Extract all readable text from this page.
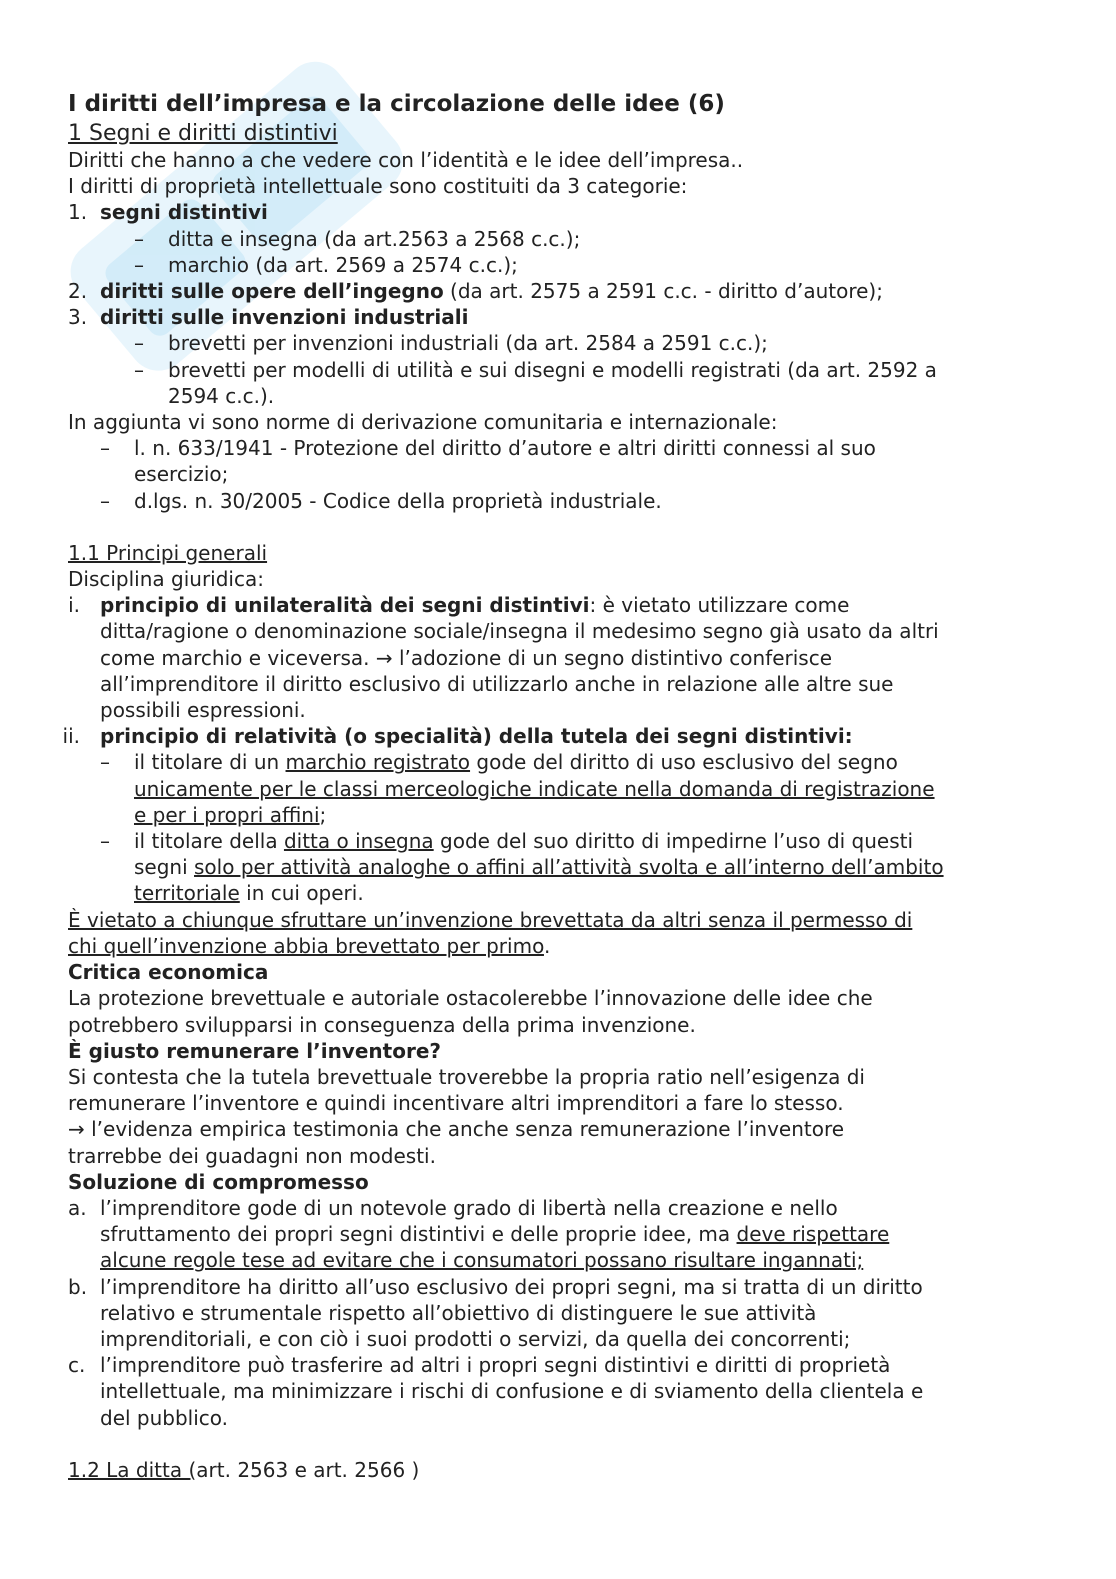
I diritti dell’impresa e la circolazione delle idee (6)
1 Segni e diritti distintivi
Diritti che hanno a che vedere con l’identità e le idee dell’impresa..
I diritti di proprietà intellettuale sono costituiti da 3 categorie:
1. segni distintivi
– ditta e insegna (da art.2563 a 2568 c.c.);
– marchio (da art. 2569 a 2574 c.c.);
2. diritti sulle opere dell’ingegno (da art. 2575 a 2591 c.c. - diritto d’autore);
3. diritti sulle invenzioni industriali
– brevetti per invenzioni industriali (da art. 2584 a 2591 c.c.);
– brevetti per modelli di utilità e sui disegni e modelli registrati (da art. 2592 a
2594 c.c.).
In aggiunta vi sono norme di derivazione comunitaria e internazionale:
– l. n. 633/1941 - Protezione del diritto d’autore e altri diritti connessi al suo
esercizio;
– d.lgs. n. 30/2005 - Codice della proprietà industriale.
1.1 Principi generali
Disciplina giuridica:
i. principio di unilateralità dei segni distintivi: è vietato utilizzare come
ditta/ragione o denominazione sociale/insegna il medesimo segno già usato da altri
come marchio e viceversa. → l’adozione di un segno distintivo conferisce
all’imprenditore il diritto esclusivo di utilizzarlo anche in relazione alle altre sue
possibili espressioni.
ii. principio di relatività (o specialità) della tutela dei segni distintivi:
– il titolare di un marchio registrato gode del diritto di uso esclusivo del segno
unicamente per le classi merceologiche indicate nella domanda di registrazione
e per i propri affini;
– il titolare della ditta o insegna gode del suo diritto di impedirne l’uso di questi
segni solo per attività analoghe o affini all’attività svolta e all’interno dell’ambito
territoriale in cui operi.
È vietato a chiunque sfruttare un’invenzione brevettata da altri senza il permesso di
chi quell’invenzione abbia brevettato per primo.
Critica economica
La protezione brevettuale e autoriale ostacolerebbe l’innovazione delle idee che
potrebbero svilupparsi in conseguenza della prima invenzione.
È giusto remunerare l’inventore?
Si contesta che la tutela brevettuale troverebbe la propria ratio nell’esigenza di
remunerare l’inventore e quindi incentivare altri imprenditori a fare lo stesso.
→ l’evidenza empirica testimonia che anche senza remunerazione l’inventore
trarrebbe dei guadagni non modesti.
Soluzione di compromesso
a. l’imprenditore gode di un notevole grado di libertà nella creazione e nello
sfruttamento dei propri segni distintivi e delle proprie idee, ma deve rispettare
alcune regole tese ad evitare che i consumatori possano risultare ingannati;
b. l’imprenditore ha diritto all’uso esclusivo dei propri segni, ma si tratta di un diritto
relativo e strumentale rispetto all’obiettivo di distinguere le sue attività
imprenditoriali, e con ciò i suoi prodotti o servizi, da quella dei concorrenti;
c. l’imprenditore può trasferire ad altri i propri segni distintivi e diritti di proprietà
intellettuale, ma minimizzare i rischi di confusione e di sviamento della clientela e
del pubblico.
1.2 La ditta (art. 2563 e art. 2566 )
